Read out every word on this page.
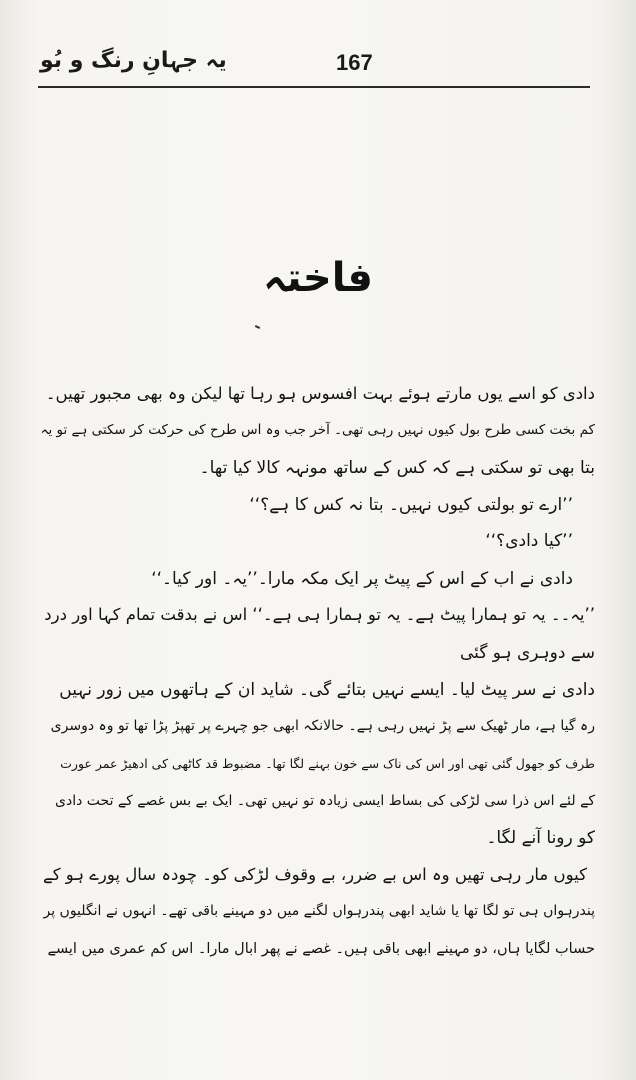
167
یہ جہانِ رنگ و بُو
فاختہ
دادی کو اسے یوں مارتے ہوئے بہت افسوس ہو رہا تھا لیکن وہ بھی مجبور تھیں۔
کم بخت کسی طرح بول کیوں نہیں رہی تھی۔ آخر جب وہ اس طرح کی حرکت کر سکتی ہے تو یہ
بتا بھی تو سکتی ہے کہ کس کے ساتھ مونہہ کالا کیا تھا۔
’’ارے تو بولتی کیوں نہیں۔ بتا نہ کس کا ہے؟‘‘
’’کیا دادی؟‘‘
دادی نے اب کے اس کے پیٹ پر ایک مکہ مارا۔’’یہ۔ اور کیا۔‘‘
’’یہ۔۔ یہ تو ہمارا پیٹ ہے۔ یہ تو ہمارا ہی ہے۔‘‘ اس نے بدقت تمام کہا اور درد
سے دوہری ہو گئی
دادی نے سر پیٹ لیا۔ ایسے نہیں بتائے گی۔ شاید ان کے ہاتھوں میں زور نہیں
رہ گیا ہے، مار ٹھیک سے پڑ نہیں رہی ہے۔ حالانکہ ابھی جو چہرے پر تھپڑ پڑا تھا تو وہ دوسری
طرف کو جھول گئی تھی اور اس کی ناک سے خون بہنے لگا تھا۔ مضبوط قد کاٹھی کی ادھیڑ عمر عورت
کے لئے اس ذرا سی لڑکی کی بساط ایسی زیادہ تو نہیں تھی۔ ایک بے بس غصے کے تحت دادی
کو رونا آنے لگا۔
کیوں مار رہی تھیں وہ اس بے ضرر، بے وقوف لڑکی کو۔ چودہ سال پورے ہو کے
پندرہواں ہی تو لگا تھا یا شاید ابھی پندرہواں لگنے میں دو مہینے باقی تھے۔ انہوں نے انگلیوں پر
حساب لگایا ہاں، دو مہینے ابھی باقی ہیں۔ غصے نے پھر ابال مارا۔ اس کم عمری میں ایسے
